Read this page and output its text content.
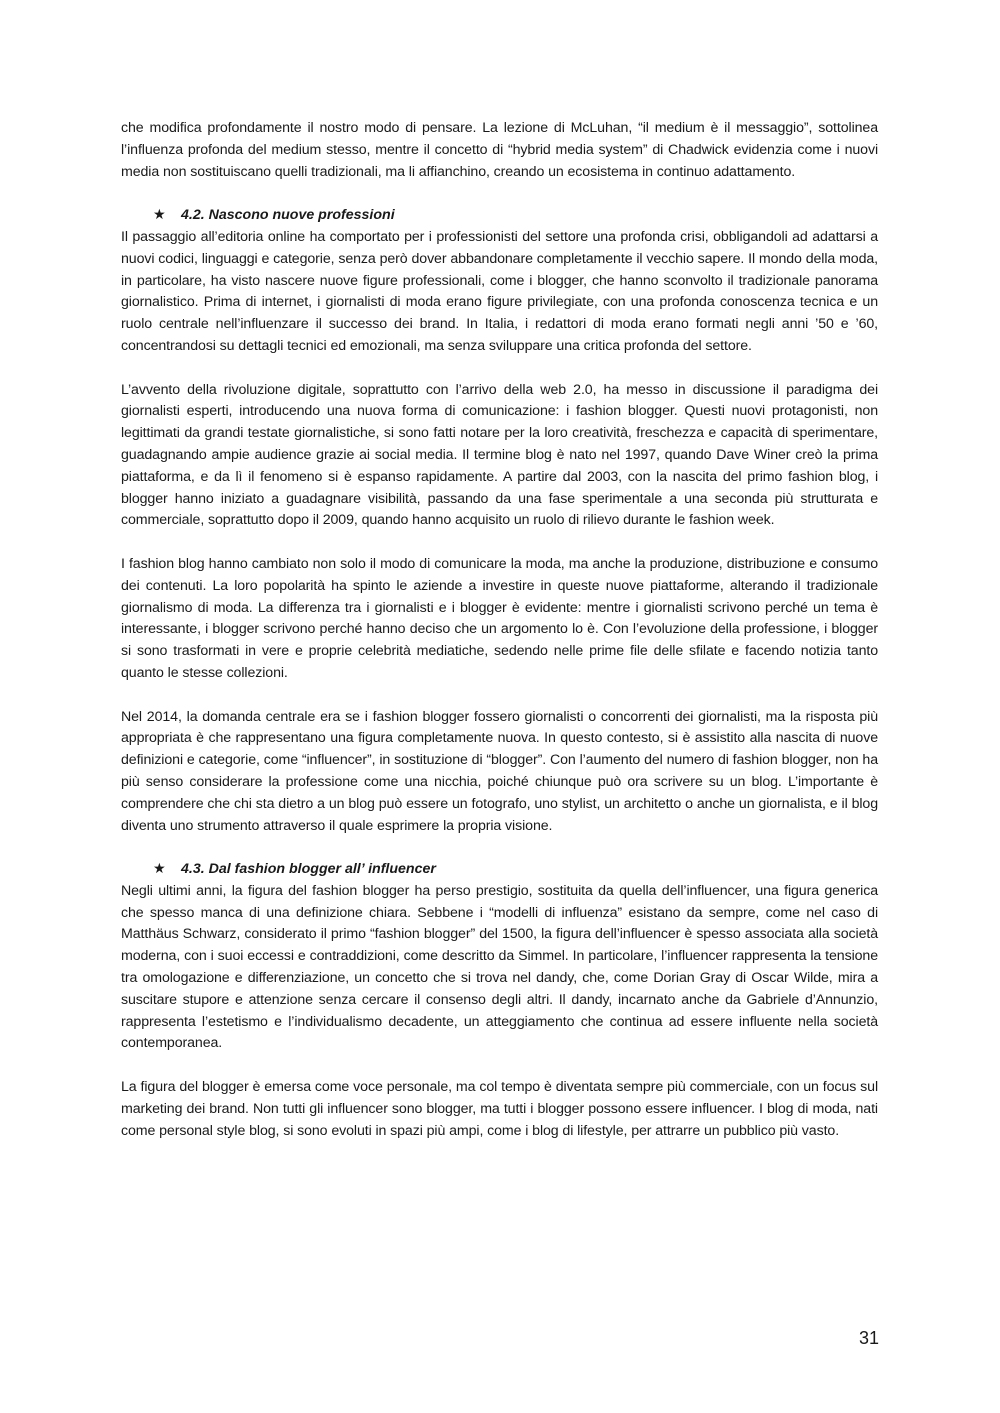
che modifica profondamente il nostro modo di pensare. La lezione di McLuhan, “il medium è il messaggio”, sottolinea l’influenza profonda del medium stesso, mentre il concetto di “hybrid media system” di Chadwick evidenzia come i nuovi media non sostituiscano quelli tradizionali, ma li affianchino, creando un ecosistema in continuo adattamento.

★ 4.2. Nascono nuove professioni

Il passaggio all’editoria online ha comportato per i professionisti del settore una profonda crisi, obbligandoli ad adattarsi a nuovi codici, linguaggi e categorie, senza però dover abbandonare completamente il vecchio sapere. Il mondo della moda, in particolare, ha visto nascere nuove figure professionali, come i blogger, che hanno sconvolto il tradizionale panorama giornalistico. Prima di internet, i giornalisti di moda erano figure privilegiate, con una profonda conoscenza tecnica e un ruolo centrale nell’influenzare il successo dei brand. In Italia, i redattori di moda erano formati negli anni ’50 e ’60, concentrandosi su dettagli tecnici ed emozionali, ma senza sviluppare una critica profonda del settore.

L’avvento della rivoluzione digitale, soprattutto con l’arrivo della web 2.0, ha messo in discussione il paradigma dei giornalisti esperti, introducendo una nuova forma di comunicazione: i fashion blogger. Questi nuovi protagonisti, non legittimati da grandi testate giornalistiche, si sono fatti notare per la loro creatività, freschezza e capacità di sperimentare, guadagnando ampie audience grazie ai social media. Il termine blog è nato nel 1997, quando Dave Winer creò la prima piattaforma, e da lì il fenomeno si è espanso rapidamente. A partire dal 2003, con la nascita del primo fashion blog, i blogger hanno iniziato a guadagnare visibilità, passando da una fase sperimentale a una seconda più strutturata e commerciale, soprattutto dopo il 2009, quando hanno acquisito un ruolo di rilievo durante le fashion week.

I fashion blog hanno cambiato non solo il modo di comunicare la moda, ma anche la produzione, distribuzione e consumo dei contenuti. La loro popolarità ha spinto le aziende a investire in queste nuove piattaforme, alterando il tradizionale giornalismo di moda. La differenza tra i giornalisti e i blogger è evidente: mentre i giornalisti scrivono perché un tema è interessante, i blogger scrivono perché hanno deciso che un argomento lo è. Con l’evoluzione della professione, i blogger si sono trasformati in vere e proprie celebrità mediatiche, sedendo nelle prime file delle sfilate e facendo notizia tanto quanto le stesse collezioni.

Nel 2014, la domanda centrale era se i fashion blogger fossero giornalisti o concorrenti dei giornalisti, ma la risposta più appropriata è che rappresentano una figura completamente nuova. In questo contesto, si è assistito alla nascita di nuove definizioni e categorie, come “influencer”, in sostituzione di “blogger”. Con l’aumento del numero di fashion blogger, non ha più senso considerare la professione come una nicchia, poiché chiunque può ora scrivere su un blog. L’importante è comprendere che chi sta dietro a un blog può essere un fotografo, uno stylist, un architetto o anche un giornalista, e il blog diventa uno strumento attraverso il quale esprimere la propria visione.

★ 4.3. Dal fashion blogger all’ influencer

Negli ultimi anni, la figura del fashion blogger ha perso prestigio, sostituita da quella dell’influencer, una figura generica che spesso manca di una definizione chiara. Sebbene i “modelli di influenza” esistano da sempre, come nel caso di Matthäus Schwarz, considerato il primo “fashion blogger” del 1500, la figura dell’influencer è spesso associata alla società moderna, con i suoi eccessi e contraddizioni, come descritto da Simmel. In particolare, l’influencer rappresenta la tensione tra omologazione e differenziazione, un concetto che si trova nel dandy, che, come Dorian Gray di Oscar Wilde, mira a suscitare stupore e attenzione senza cercare il consenso degli altri. Il dandy, incarnato anche da Gabriele d’Annunzio, rappresenta l’estetismo e l’individualismo decadente, un atteggiamento che continua ad essere influente nella società contemporanea.

La figura del blogger è emersa come voce personale, ma col tempo è diventata sempre più commerciale, con un focus sul marketing dei brand. Non tutti gli influencer sono blogger, ma tutti i blogger possono essere influencer. I blog di moda, nati come personal style blog, si sono evoluti in spazi più ampi, come i blog di lifestyle, per attrarre un pubblico più vasto.

31
